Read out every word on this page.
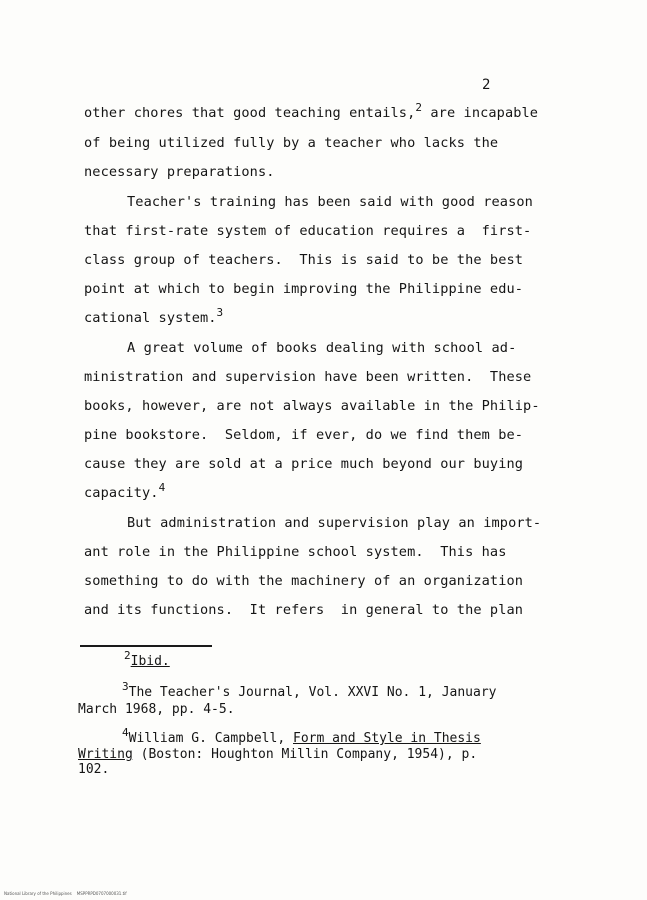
2
other chores that good teaching entails,$^2$ are incapable
of being utilized fully by a teacher who lacks the
necessary preparations.
Teacher's training has been said with good reason
that first-rate system of education requires a  first-
class group of teachers.  This is said to be the best
point at which to begin improving the Philippine edu-
cational system.$^3$
A great volume of books dealing with school ad-
ministration and supervision have been written.  These
books, however, are not always available in the Philip-
pine bookstore.  Seldom, if ever, do we find them be-
cause they are sold at a price much beyond our buying
capacity.$^4$
But administration and supervision play an import-
ant role in the Philippine school system.  This has
something to do with the machinery of an organization
and its functions.  It refers  in general to the plan
$^2$Ibid.
$^3$The Teacher's Journal, Vol. XXVI No. 1, January
March 1968, pp. 4-5.
$^4$William G. Campbell, Form and Style in Thesis
Writing (Boston: Houghton Millin Company, 1954), p.
102.
National Library of the Philippines    MSPPRPD0707000031.tif
